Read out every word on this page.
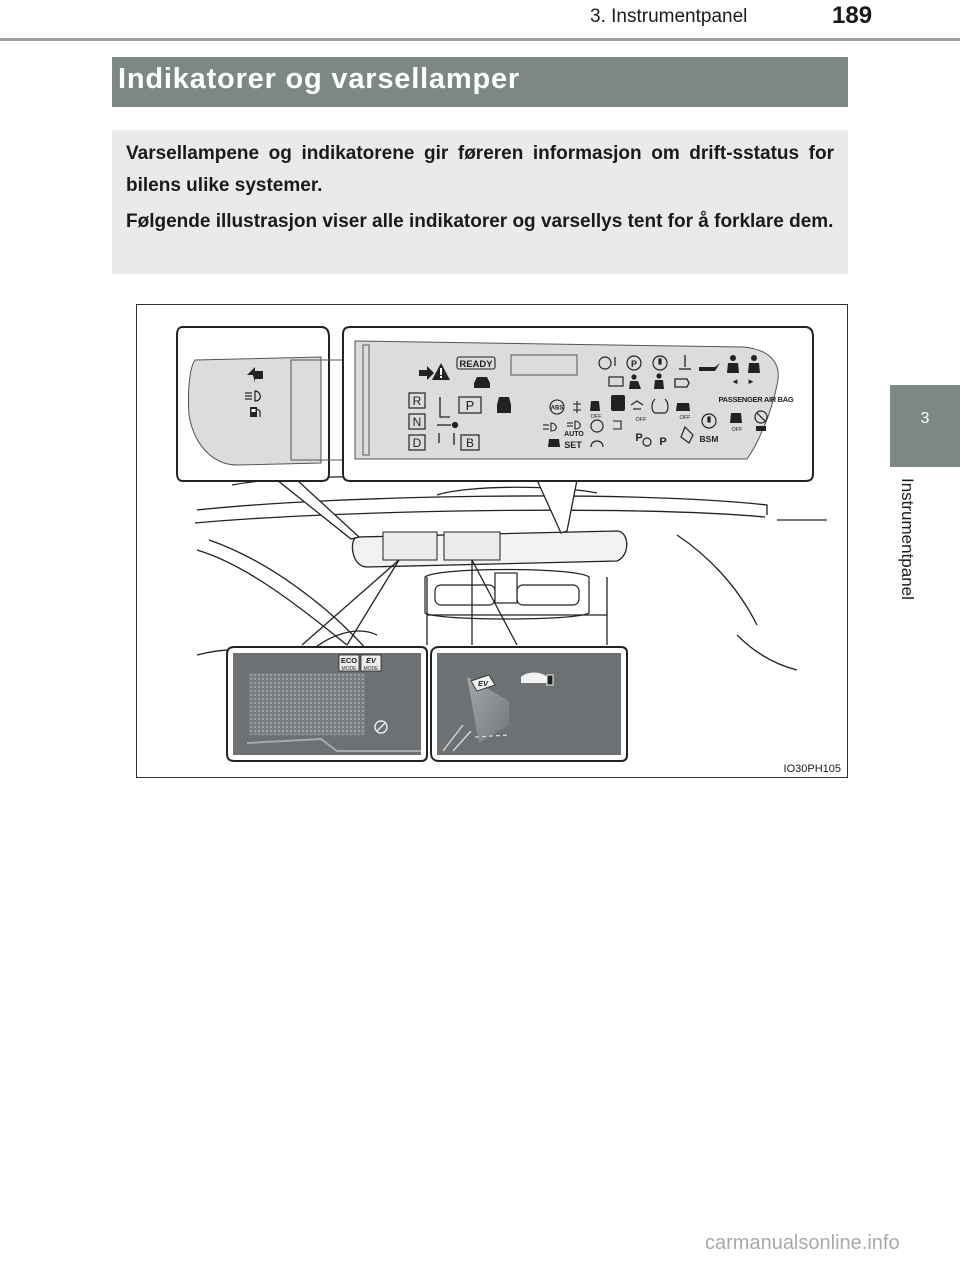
3. Instrumentpanel	189
3
Instrumentpanel
Indikatorer og varsellamper

Varsellampene og indikatorene gir føreren informasjon om drift-sstatus for bilens ulike systemer.

Følgende illustrasjon viser alle indikatorer og varsellys tent for å forklare dem.

READY
R
N
D
P
B
P
◄ ►
PASSENGER AIR BAG
ABS
OFF	OFF
OFF
OFF
AUTO
SET
P P	BSM
ECO
MODE
EV
MODE
EV
IO30PH105
carmanualsonline.info
